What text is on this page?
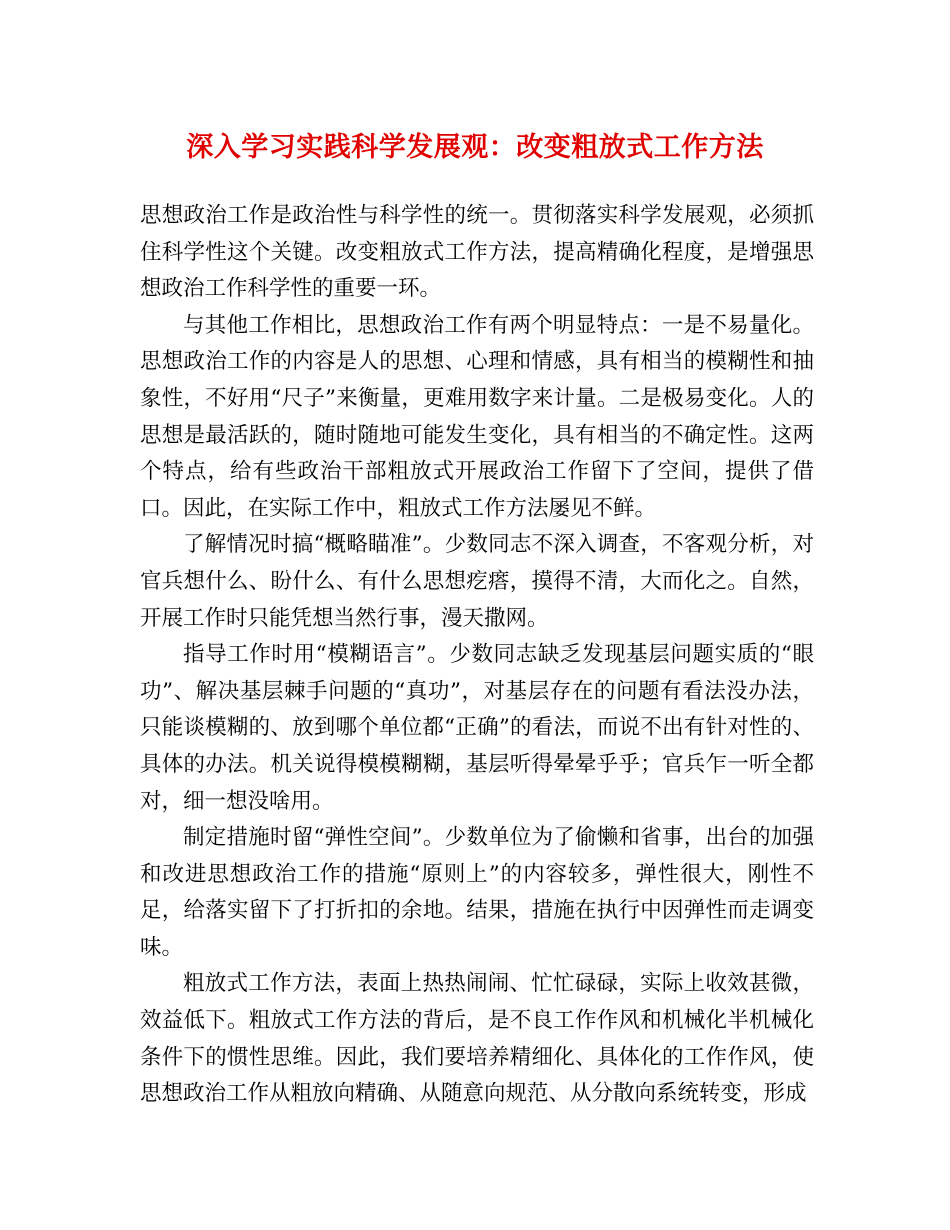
深入学习实践科学发展观：改变粗放式工作方法

思想政治工作是政治性与科学性的统一。贯彻落实科学发展观，必须抓住科学性这个关键。改变粗放式工作方法，提高精确化程度，是增强思想政治工作科学性的重要一环。

与其他工作相比，思想政治工作有两个明显特点：一是不易量化。思想政治工作的内容是人的思想、心理和情感，具有相当的模糊性和抽象性，不好用“尺子”来衡量，更难用数字来计量。二是极易变化。人的思想是最活跃的，随时随地可能发生变化，具有相当的不确定性。这两个特点，给有些政治干部粗放式开展政治工作留下了空间，提供了借口。因此，在实际工作中，粗放式工作方法屡见不鲜。

了解情况时搞“概略瞄准”。少数同志不深入调查，不客观分析，对官兵想什么、盼什么、有什么思想疙瘩，摸得不清，大而化之。自然，开展工作时只能凭想当然行事，漫天撒网。

指导工作时用“模糊语言”。少数同志缺乏发现基层问题实质的“眼功”、解决基层棘手问题的“真功”，对基层存在的问题有看法没办法，只能谈模糊的、放到哪个单位都“正确”的看法，而说不出有针对性的、具体的办法。机关说得模模糊糊，基层听得晕晕乎乎；官兵乍一听全都对，细一想没啥用。

制定措施时留“弹性空间”。少数单位为了偷懒和省事，出台的加强和改进思想政治工作的措施“原则上”的内容较多，弹性很大，刚性不足，给落实留下了打折扣的余地。结果，措施在执行中因弹性而走调变味。

粗放式工作方法，表面上热热闹闹、忙忙碌碌，实际上收效甚微，效益低下。粗放式工作方法的背后，是不良工作作风和机械化半机械化条件下的惯性思维。因此，我们要培养精细化、具体化的工作作风，使思想政治工作从粗放向精确、从随意向规范、从分散向系统转变，形成
